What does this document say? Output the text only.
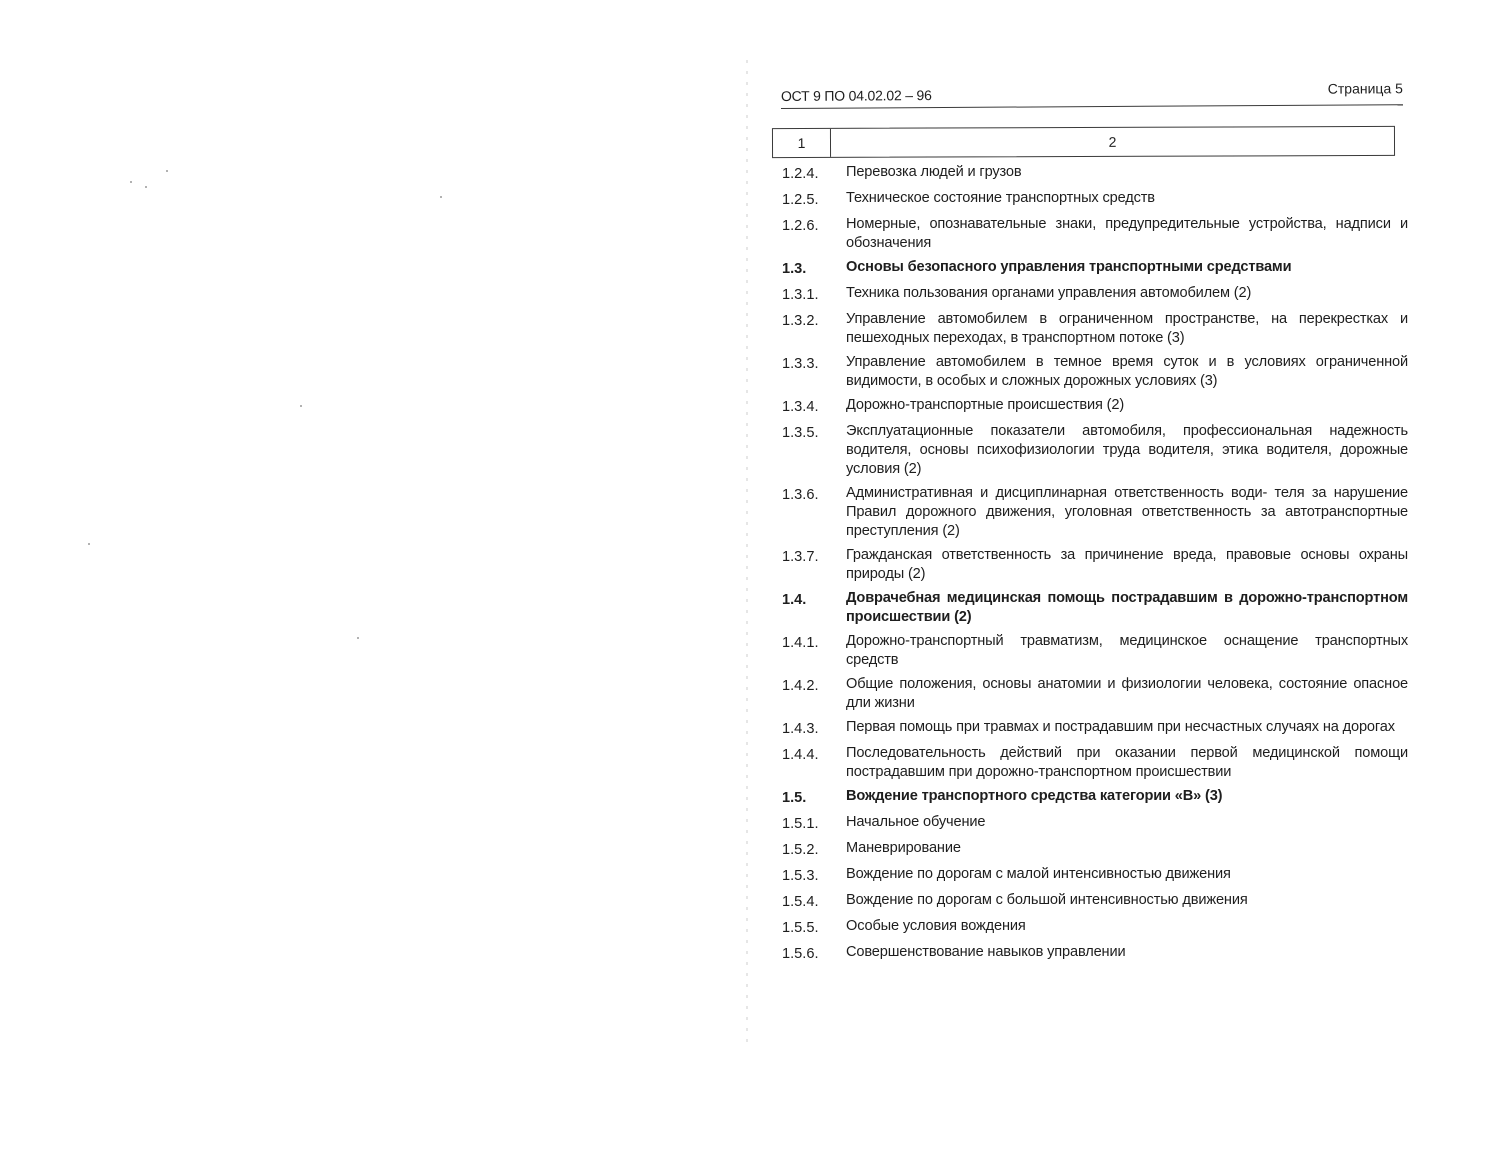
ОСТ 9 ПО 04.02.02 – 96	Страница 5
1	2
1.2.4.	Перевозка людей и грузов
1.2.5.	Техническое состояние транспортных средств
1.2.6.	Номерные, опознавательные знаки, предупредительные устройства, надписи и обозначения
1.3.	Основы безопасного управления транспортными средствами
1.3.1.	Техника пользования органами управления автомобилем (2)
1.3.2.	Управление автомобилем в ограниченном пространстве, на перекрестках и пешеходных переходах, в транспортном потоке (3)
1.3.3.	Управление автомобилем в темное время суток и в условиях ограниченной видимости, в особых и сложных дорожных условиях (3)
1.3.4.	Дорожно-транспортные происшествия (2)
1.3.5.	Эксплуатационные показатели автомобиля, профессиональная надежность водителя, основы психофизиологии труда водителя, этика водителя, дорожные условия (2)
1.3.6.	Административная и дисциплинарная ответственность води- теля за нарушение Правил дорожного движения, уголовная ответственность за автотранспортные преступления (2)
1.3.7.	Гражданская ответственность за причинение вреда, правовые основы охраны природы (2)
1.4.	Доврачебная медицинская помощь пострадавшим в дорожно-транспортном происшествии (2)
1.4.1.	Дорожно-транспортный травматизм, медицинское оснащение транспортных средств
1.4.2.	Общие положения, основы анатомии и физиологии человека, состояние опасное дли жизни
1.4.3.	Первая помощь при травмах и пострадавшим при несчастных случаях на дорогах
1.4.4.	Последовательность действий при оказании первой медицинской помощи пострадавшим при дорожно-транспортном происшествии
1.5.	Вождение транспортного средства категории «В» (3)
1.5.1.	Начальное обучение
1.5.2.	Маневрирование
1.5.3.	Вождение по дорогам с малой интенсивностью движения
1.5.4.	Вождение по дорогам с большой интенсивностью движения
1.5.5.	Особые условия вождения
1.5.6.	Совершенствование навыков управлении
